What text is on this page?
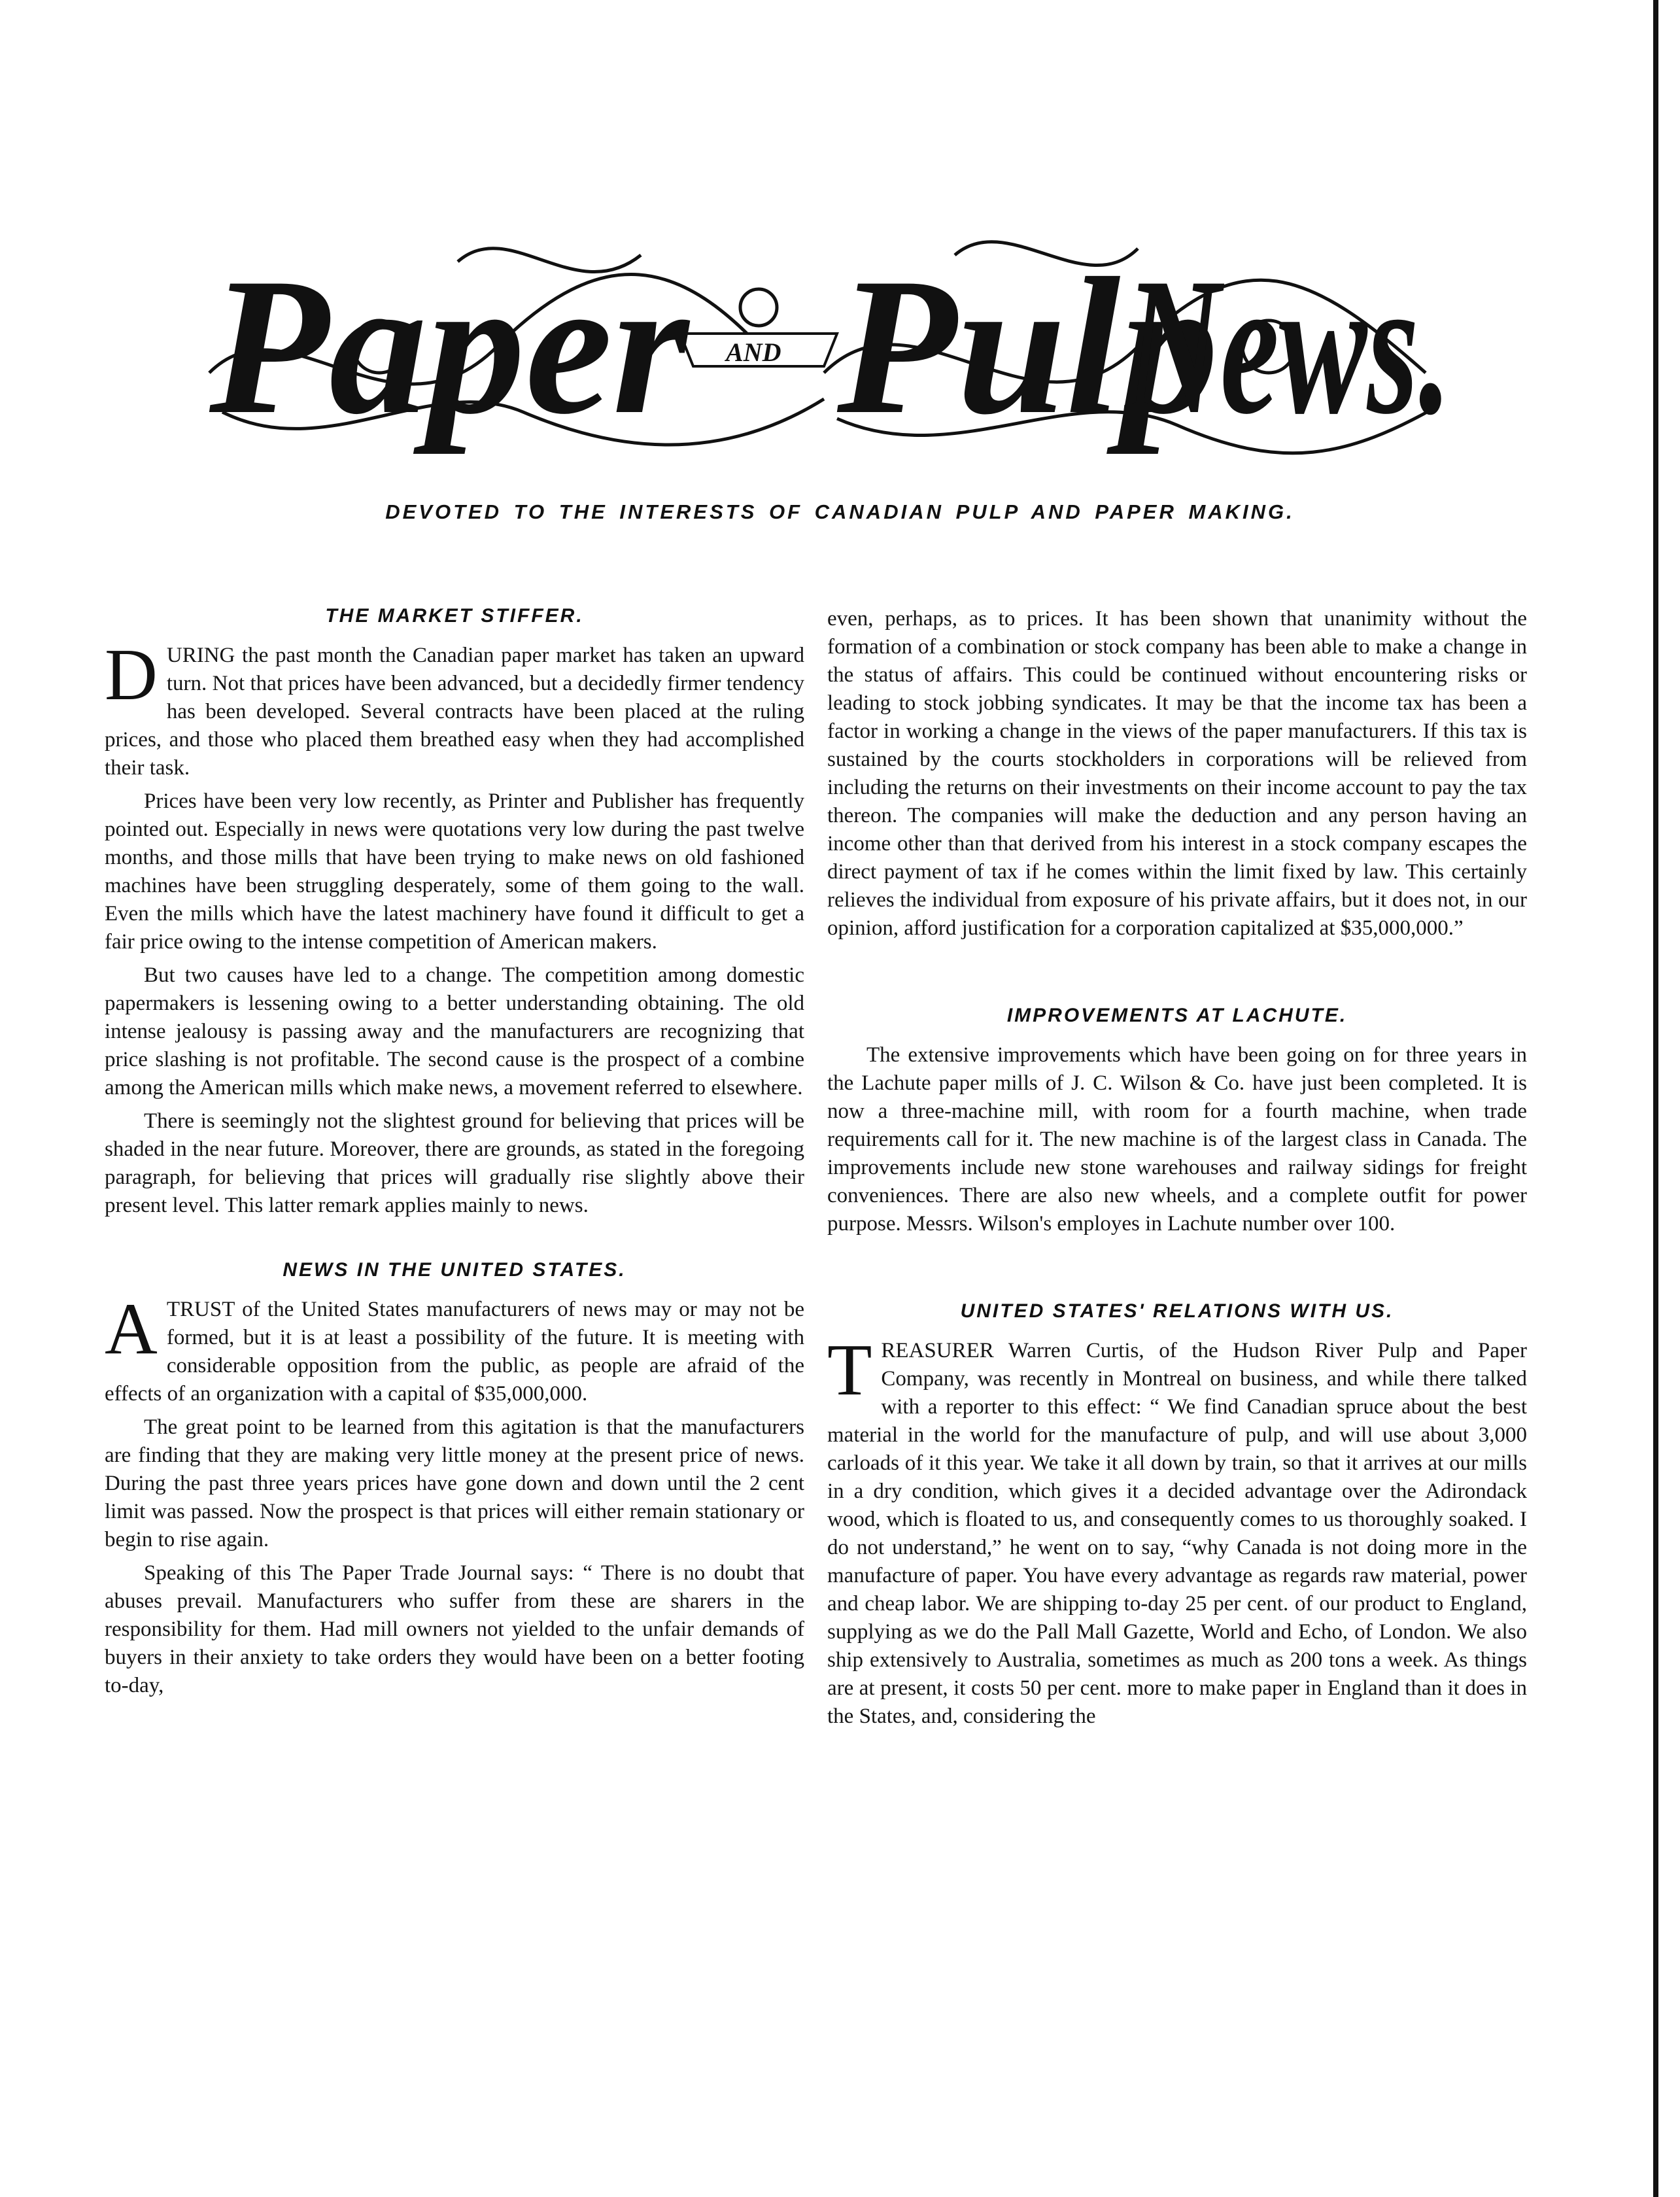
Paper AND Pulp
News.
DEVOTED TO THE INTERESTS OF CANADIAN PULP AND PAPER MAKING.
THE MARKET STIFFER.

DURING the past month the Canadian paper market has taken an upward turn. Not that prices have been advanced, but a decidedly firmer tendency has been developed. Several contracts have been placed at the ruling prices, and those who placed them breathed easy when they had accomplished their task.

Prices have been very low recently, as Printer and Publisher has frequently pointed out. Especially in news were quotations very low during the past twelve months, and those mills that have been trying to make news on old fashioned machines have been struggling desperately, some of them going to the wall. Even the mills which have the latest machinery have found it difficult to get a fair price owing to the intense competition of American makers.

But two causes have led to a change. The competition among domestic papermakers is lessening owing to a better understanding obtaining. The old intense jealousy is passing away and the manufacturers are recognizing that price slashing is not profitable. The second cause is the prospect of a combine among the American mills which make news, a movement referred to elsewhere.

There is seemingly not the slightest ground for believing that prices will be shaded in the near future. Moreover, there are grounds, as stated in the foregoing paragraph, for believing that prices will gradually rise slightly above their present level. This latter remark applies mainly to news.

NEWS IN THE UNITED STATES.

ATRUST of the United States manufacturers of news may or may not be formed, but it is at least a possibility of the future. It is meeting with considerable opposition from the public, as people are afraid of the effects of an organization with a capital of $35,000,000.

The great point to be learned from this agitation is that the manufacturers are finding that they are making very little money at the present price of news. During the past three years prices have gone down and down until the 2 cent limit was passed. Now the prospect is that prices will either remain stationary or begin to rise again.

Speaking of this The Paper Trade Journal says: “ There is no doubt that abuses prevail. Manufacturers who suffer from these are sharers in the responsibility for them. Had mill owners not yielded to the unfair demands of buyers in their anxiety to take orders they would have been on a better footing to-day,

even, perhaps, as to prices. It has been shown that unanimity without the formation of a combination or stock company has been able to make a change in the status of affairs. This could be continued without encountering risks or leading to stock jobbing syndicates. It may be that the income tax has been a factor in working a change in the views of the paper manufacturers. If this tax is sustained by the courts stockholders in corporations will be relieved from including the returns on their investments on their income account to pay the tax thereon. The companies will make the deduction and any person having an income other than that derived from his interest in a stock company escapes the direct payment of tax if he comes within the limit fixed by law. This certainly relieves the individual from exposure of his private affairs, but it does not, in our opinion, afford justification for a corporation capitalized at $35,000,000.”

IMPROVEMENTS AT LACHUTE.

The extensive improvements which have been going on for three years in the Lachute paper mills of J. C. Wilson & Co. have just been completed. It is now a three-machine mill, with room for a fourth machine, when trade requirements call for it. The new machine is of the largest class in Canada. The improvements include new stone warehouses and railway sidings for freight conveniences. There are also new wheels, and a complete outfit for power purpose. Messrs. Wilson's employes in Lachute number over 100.

UNITED STATES' RELATIONS WITH US.

TREASURER Warren Curtis, of the Hudson River Pulp and Paper Company, was recently in Montreal on business, and while there talked with a reporter to this effect: “ We find Canadian spruce about the best material in the world for the manufacture of pulp, and will use about 3,000 carloads of it this year. We take it all down by train, so that it arrives at our mills in a dry condition, which gives it a decided advantage over the Adirondack wood, which is floated to us, and consequently comes to us thoroughly soaked. I do not understand,” he went on to say, “why Canada is not doing more in the manufacture of paper. You have every advantage as regards raw material, power and cheap labor. We are shipping to-day 25 per cent. of our product to England, supplying as we do the Pall Mall Gazette, World and Echo, of London. We also ship extensively to Australia, sometimes as much as 200 tons a week. As things are at present, it costs 50 per cent. more to make paper in England than it does in the States, and, considering the
